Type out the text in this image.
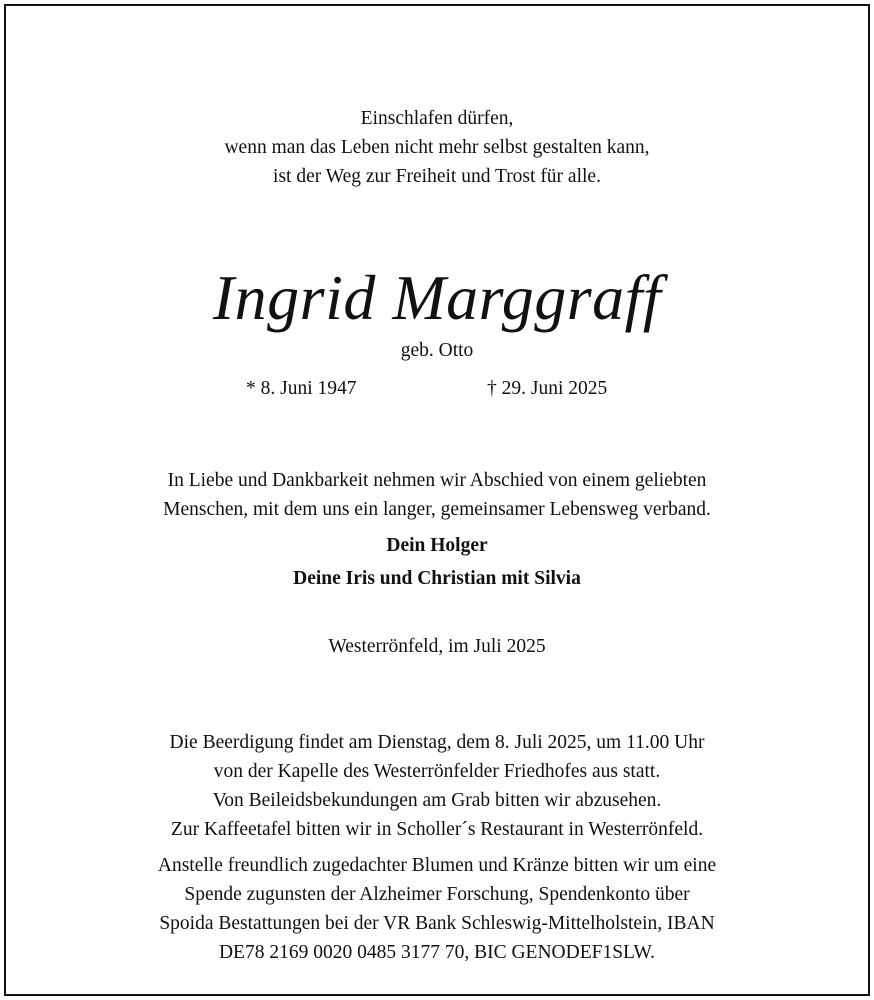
Einschlafen dürfen,
wenn man das Leben nicht mehr selbst gestalten kann,
ist der Weg zur Freiheit und Trost für alle.
Ingrid Marggraff
geb. Otto
* 8. Juni 1947	† 29. Juni 2025
In Liebe und Dankbarkeit nehmen wir Abschied von einem geliebten
Menschen, mit dem uns ein langer, gemeinsamer Lebensweg verband.
Dein Holger
Deine Iris und Christian mit Silvia
Westerrönfeld, im Juli 2025
Die Beerdigung findet am Dienstag, dem 8. Juli 2025, um 11.00 Uhr
von der Kapelle des Westerrönfelder Friedhofes aus statt.
Von Beileidsbekundungen am Grab bitten wir abzusehen.
Zur Kaffeetafel bitten wir in Scholler´s Restaurant in Westerrönfeld.
Anstelle freundlich zugedachter Blumen und Kränze bitten wir um eine
Spende zugunsten der Alzheimer Forschung, Spendenkonto über
Spoida Bestattungen bei der VR Bank Schleswig-Mittelholstein, IBAN
DE78 2169 0020 0485 3177 70, BIC GENODEF1SLW.
